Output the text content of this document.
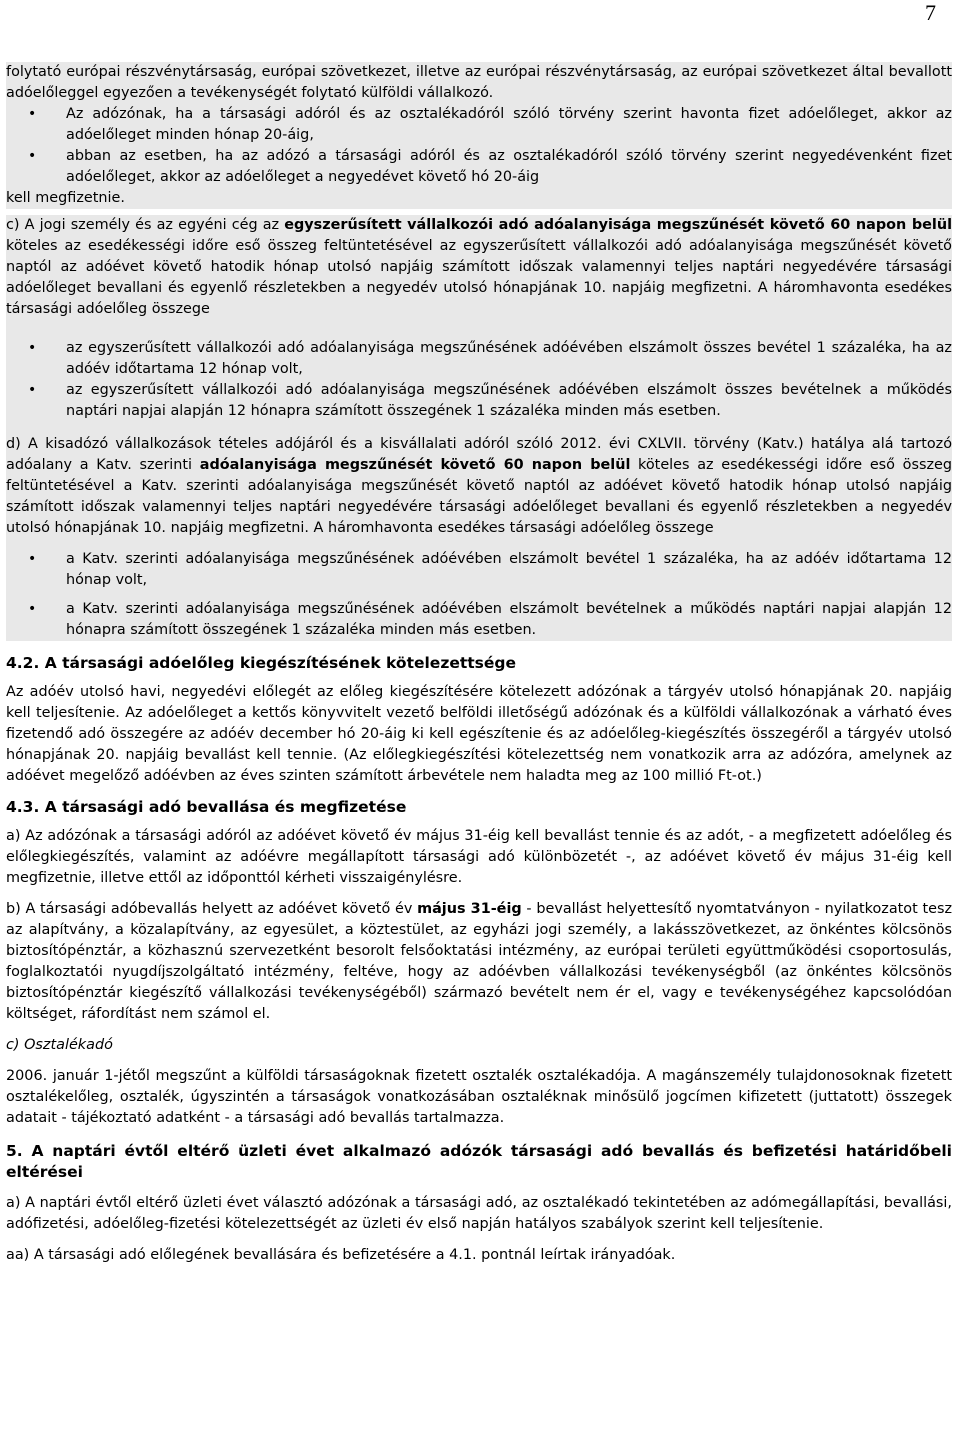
7

folytató európai részvénytársaság, európai szövetkezet, illetve az európai részvénytársaság, az európai szövetkezet által bevallott adóelőleggel egyezően a tevékenységét folytató külföldi vállalkozó.

• Az adózónak, ha a társasági adóról és az osztalékadóról szóló törvény szerint havonta fizet adóelőleget, akkor az adóelőleget minden hónap 20-áig,
• abban az esetben, ha az adózó a társasági adóról és az osztalékadóról szóló törvény szerint negyedévenként fizet adóelőleget, akkor az adóelőleget a negyedévet követő hó 20-áig

kell megfizetnie.

c) A jogi személy és az egyéni cég az egyszerűsített vállalkozói adó adóalanyisága megszűnését követő 60 napon belül köteles az esedékességi időre eső összeg feltüntetésével az egyszerűsített vállalkozói adó adóalanyisága megszűnését követő naptól az adóévet követő hatodik hónap utolsó napjáig számított időszak valamennyi teljes naptári negyedévére társasági adóelőleget bevallani és egyenlő részletekben a negyedév utolsó hónapjának 10. napjáig megfizetni. A háromhavonta esedékes társasági adóelőleg összege

• az egyszerűsített vállalkozói adó adóalanyisága megszűnésének adóévében elszámolt összes bevétel 1 százaléka, ha az adóév időtartama 12 hónap volt,
• az egyszerűsített vállalkozói adó adóalanyisága megszűnésének adóévében elszámolt összes bevételnek a működés naptári napjai alapján 12 hónapra számított összegének 1 százaléka minden más esetben.

d) A kisadózó vállalkozások tételes adójáról és a kisvállalati adóról szóló 2012. évi CXLVII. törvény (Katv.) hatálya alá tartozó adóalany a Katv. szerinti adóalanyisága megszűnését követő 60 napon belül köteles az esedékességi időre eső összeg feltüntetésével a Katv. szerinti adóalanyisága megszűnését követő naptól az adóévet követő hatodik hónap utolsó napjáig számított időszak valamennyi teljes naptári negyedévére társasági adóelőleget bevallani és egyenlő részletekben a negyedév utolsó hónapjának 10. napjáig megfizetni. A háromhavonta esedékes társasági adóelőleg összege

• a Katv. szerinti adóalanyisága megszűnésének adóévében elszámolt bevétel 1 százaléka, ha az adóév időtartama 12 hónap volt,
• a Katv. szerinti adóalanyisága megszűnésének adóévében elszámolt bevételnek a működés naptári napjai alapján 12 hónapra számított összegének 1 százaléka minden más esetben.
4.2. A társasági adóelőleg kiegészítésének kötelezettsége

Az adóév utolsó havi, negyedévi előlegét az előleg kiegészítésére kötelezett adózónak a tárgyév utolsó hónapjának 20. napjáig kell teljesítenie. Az adóelőleget a kettős könyvvitelt vezető belföldi illetőségű adózónak és a külföldi vállalkozónak a várható éves fizetendő adó összegére az adóév december hó 20-áig ki kell egészítenie és az adóelőleg-kiegészítés összegéről a tárgyév utolsó hónapjának 20. napjáig bevallást kell tennie. (Az előlegkiegészítési kötelezettség nem vonatkozik arra az adózóra, amelynek az adóévet megelőző adóévben az éves szinten számított árbevétele nem haladta meg az 100 millió Ft-ot.)

4.3. A társasági adó bevallása és megfizetése

a) Az adózónak a társasági adóról az adóévet követő év május 31-éig kell bevallást tennie és az adót, - a megfizetett adóelőleg és előlegkiegészítés, valamint az adóévre megállapított társasági adó különbözetét -, az adóévet követő év május 31-éig kell megfizetnie, illetve ettől az időponttól kérheti visszaigénylésre.

b) A társasági adóbevallás helyett az adóévet követő év május 31-éig - bevallást helyettesítő nyomtatványon - nyilatkozatot tesz az alapítvány, a közalapítvány, az egyesület, a köztestület, az egyházi jogi személy, a lakásszövetkezet, az önkéntes kölcsönös biztosítópénztár, a közhasznú szervezetként besorolt felsőoktatási intézmény, az európai területi együttműködési csoportosulás, foglalkoztatói nyugdíjszolgáltató intézmény, feltéve, hogy az adóévben vállalkozási tevékenységből (az önkéntes kölcsönös biztosítópénztár kiegészítő vállalkozási tevékenységéből) származó bevételt nem ér el, vagy e tevékenységéhez kapcsolódóan költséget, ráfordítást nem számol el.

c) Osztalékadó

2006. január 1-jétől megszűnt a külföldi társaságoknak fizetett osztalék osztalékadója. A magánszemély tulajdonosoknak fizetett osztalékelőleg, osztalék, úgyszintén a társaságok vonatkozásában osztaléknak minősülő jogcímen kifizetett (juttatott) összegek adatait - tájékoztató adatként - a társasági adó bevallás tartalmazza.

5. A naptári évtől eltérő üzleti évet alkalmazó adózók társasági adó bevallás és befizetési határidőbeli eltérései

a) A naptári évtől eltérő üzleti évet választó adózónak a társasági adó, az osztalékadó tekintetében az adómegállapítási, bevallási, adófizetési, adóelőleg-fizetési kötelezettségét az üzleti év első napján hatályos szabályok szerint kell teljesítenie.

aa) A társasági adó előlegének bevallására és befizetésére a 4.1. pontnál leírtak irányadóak.
